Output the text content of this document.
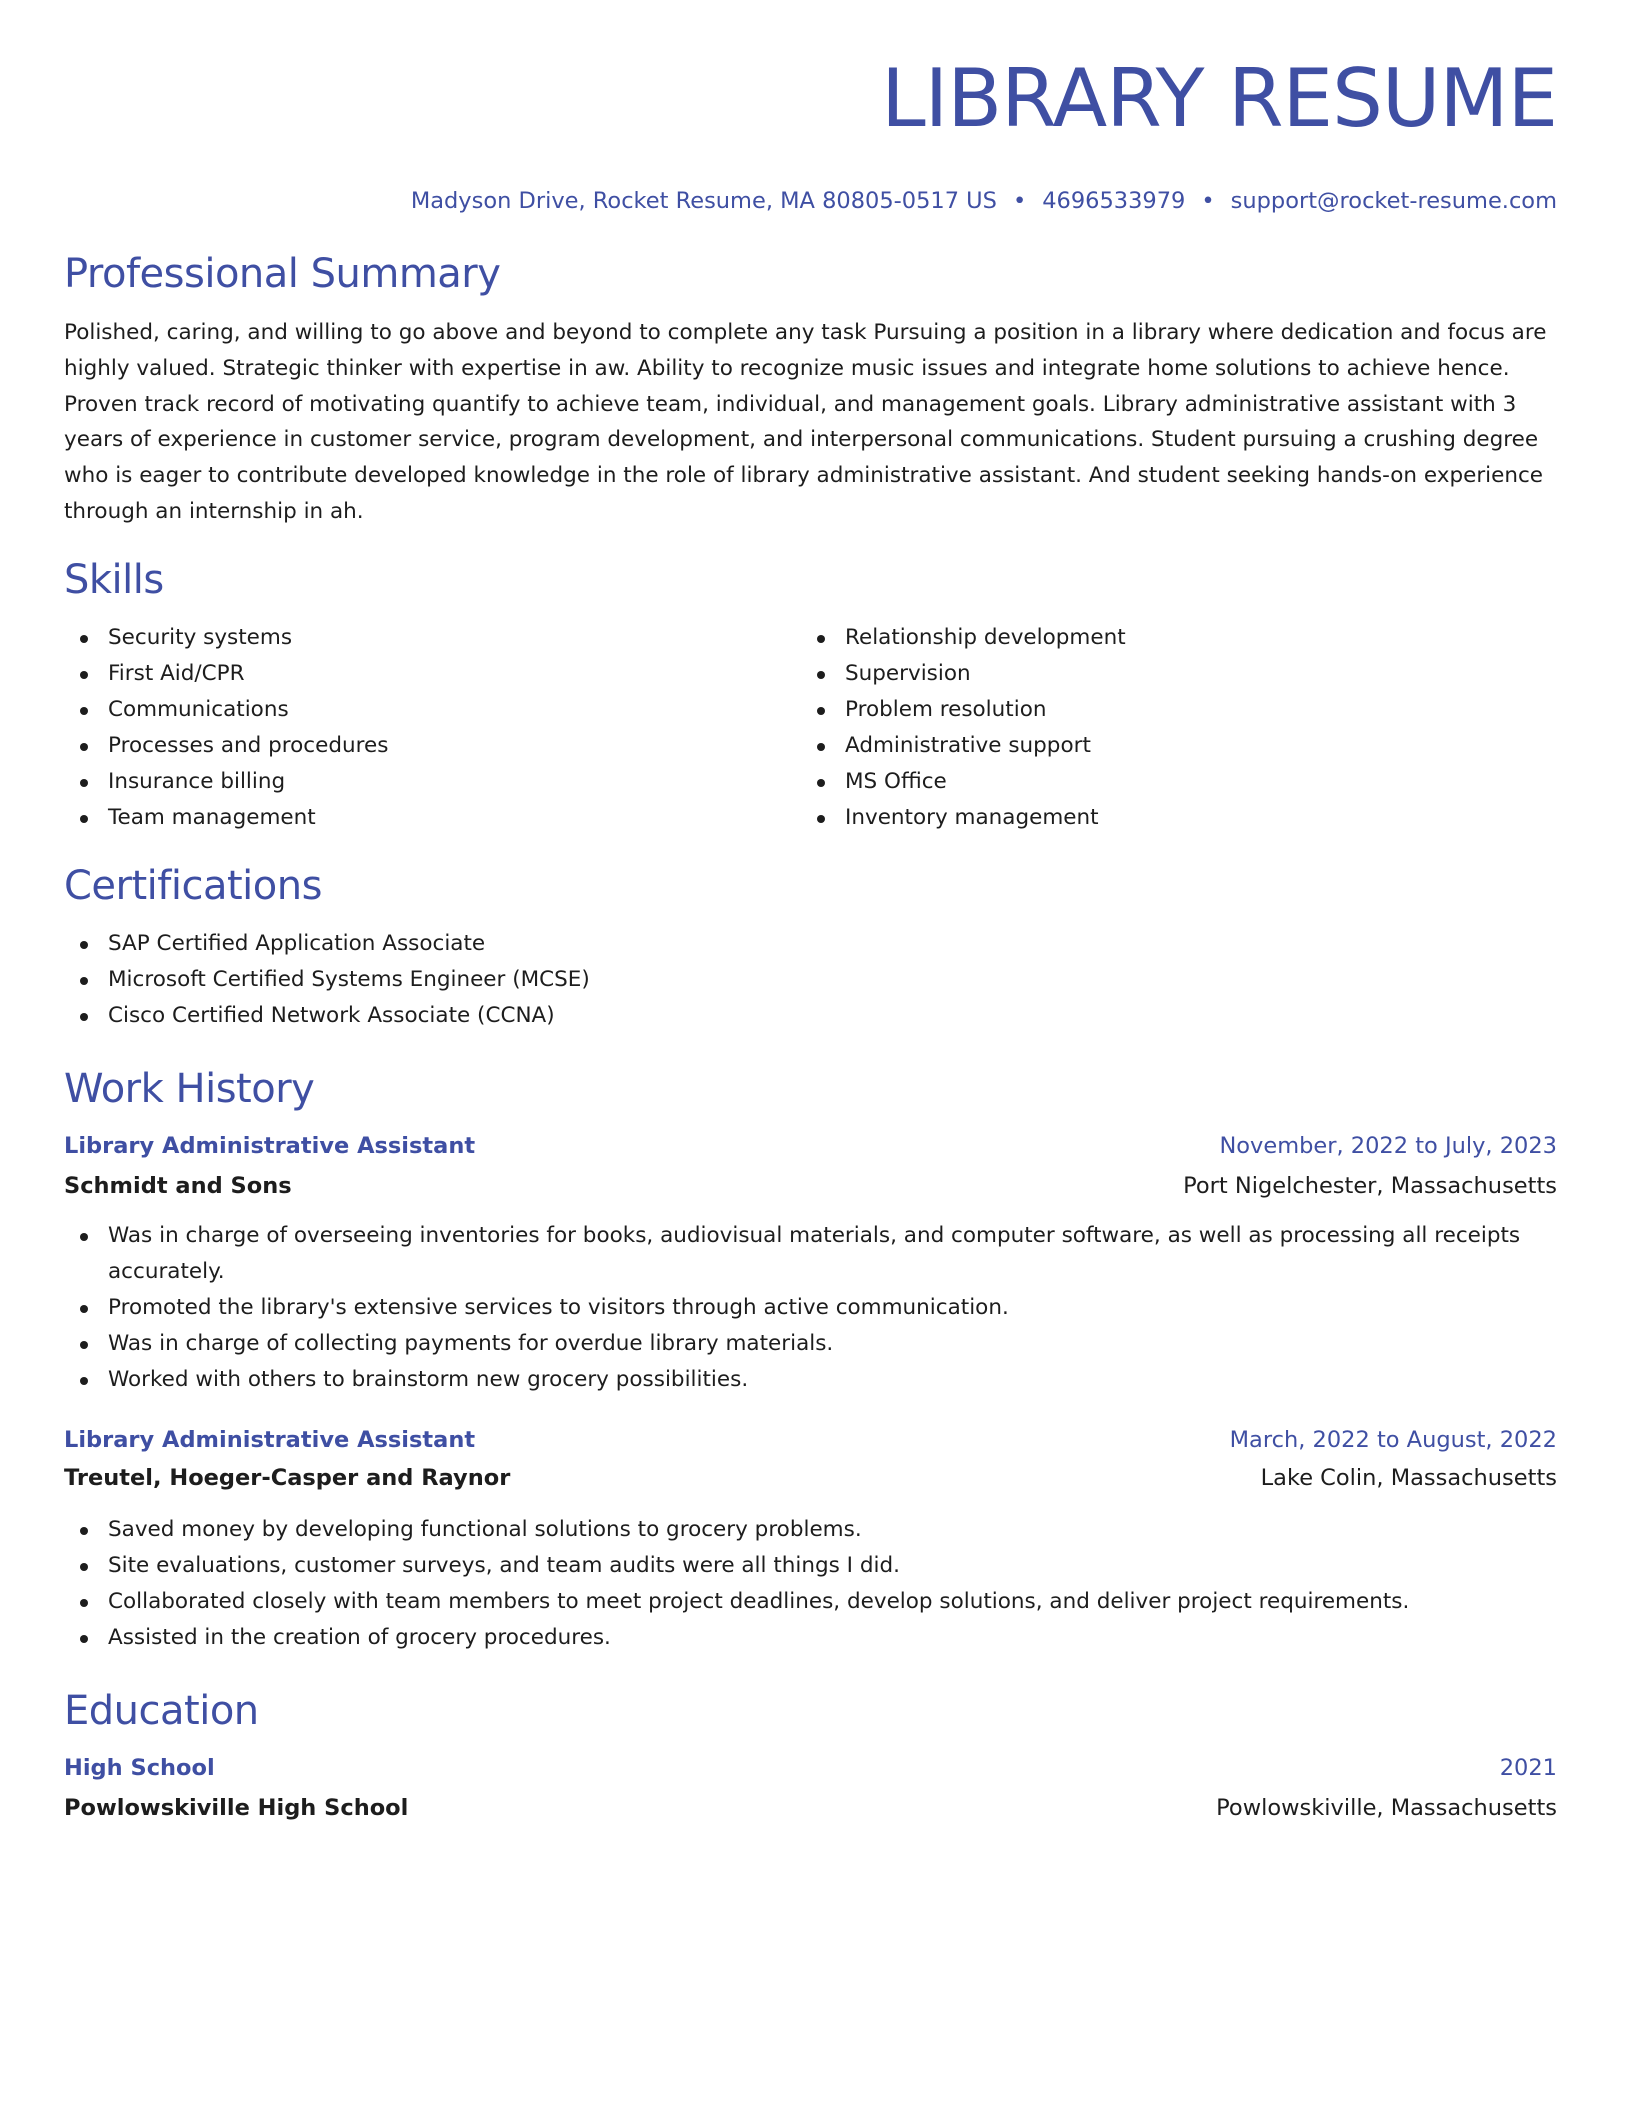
LIBRARY RESUME
Madyson Drive, Rocket Resume, MA 80805-0517 US • 4696533979 • support@rocket-resume.com
Professional Summary

Polished, caring, and willing to go above and beyond to complete any task Pursuing a position in a library where dedication and focus are highly valued. Strategic thinker with expertise in aw. Ability to recognize music issues and integrate home solutions to achieve hence. Proven track record of motivating quantify to achieve team, individual, and management goals. Library administrative assistant with 3 years of experience in customer service, program development, and interpersonal communications. Student pursuing a crushing degree who is eager to contribute developed knowledge in the role of library administrative assistant. And student seeking hands-on experience through an internship in ah.

Skills
Security systems
First Aid/CPR
Communications
Processes and procedures
Insurance billing
Team management
Relationship development
Supervision
Problem resolution
Administrative support
MS Office
Inventory management
Certifications
SAP Certified Application Associate
Microsoft Certified Systems Engineer (MCSE)
Cisco Certified Network Associate (CCNA)
Work History
Library Administrative Assistant	November, 2022 to July, 2023
Schmidt and Sons	Port Nigelchester, Massachusetts
Was in charge of overseeing inventories for books, audiovisual materials, and computer software, as well as processing all receipts accurately.
Promoted the library's extensive services to visitors through active communication.
Was in charge of collecting payments for overdue library materials.
Worked with others to brainstorm new grocery possibilities.
Library Administrative Assistant	March, 2022 to August, 2022
Treutel, Hoeger-Casper and Raynor	Lake Colin, Massachusetts
Saved money by developing functional solutions to grocery problems.
Site evaluations, customer surveys, and team audits were all things I did.
Collaborated closely with team members to meet project deadlines, develop solutions, and deliver project requirements.
Assisted in the creation of grocery procedures.
Education
High School	2021
Powlowskiville High School	Powlowskiville, Massachusetts
